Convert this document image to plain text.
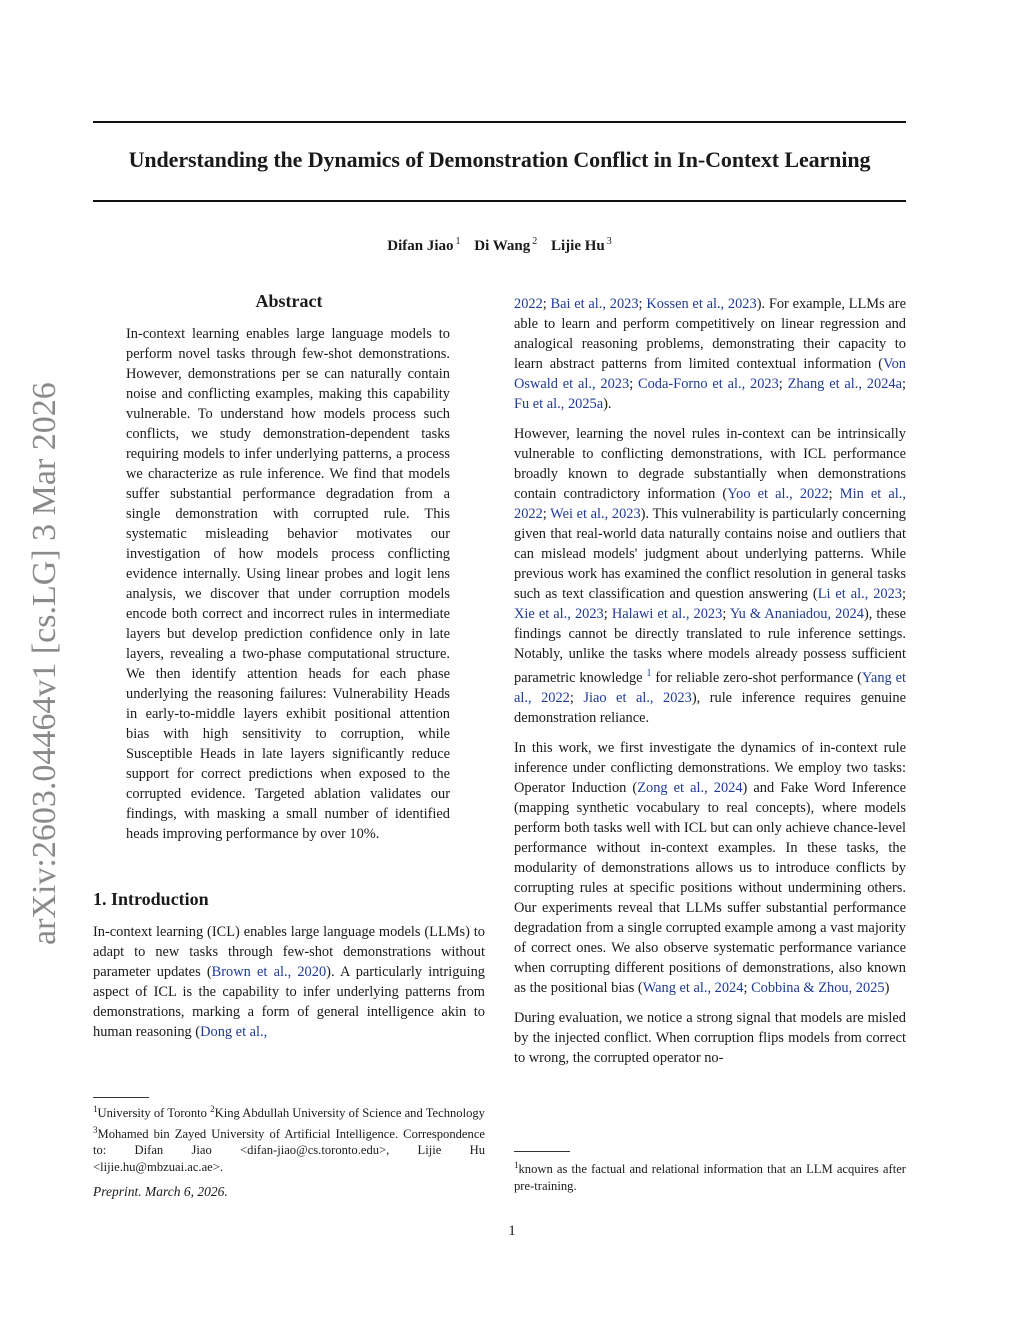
Understanding the Dynamics of Demonstration Conflict in In-Context Learning
Difan Jiao $^1$ Di Wang $^2$ Lijie Hu $^3$
arXiv:2603.04464v1 [cs.LG] 3 Mar 2026
Abstract
In-context learning enables large language models to perform novel tasks through few-shot demonstrations. However, demonstrations per se can naturally contain noise and conflicting examples, making this capability vulnerable. To understand how models process such conflicts, we study demonstration-dependent tasks requiring models to infer underlying patterns, a process we characterize as rule inference. We find that models suffer substantial performance degradation from a single demonstration with corrupted rule. This systematic misleading behavior motivates our investigation of how models process conflicting evidence internally. Using linear probes and logit lens analysis, we discover that under corruption models encode both correct and incorrect rules in intermediate layers but develop prediction confidence only in late layers, revealing a two-phase computational structure. We then identify attention heads for each phase underlying the reasoning failures: Vulnerability Heads in early-to-middle layers exhibit positional attention bias with high sensitivity to corruption, while Susceptible Heads in late layers significantly reduce support for correct predictions when exposed to the corrupted evidence. Targeted ablation validates our findings, with masking a small number of identified heads improving performance by over 10%.
1. Introduction

In-context learning (ICL) enables large language models (LLMs) to adapt to new tasks through few-shot demonstrations without parameter updates (Brown et al., 2020). A particularly intriguing aspect of ICL is the capability to infer underlying patterns from demonstrations, marking a form of general intelligence akin to human reasoning (Dong et al.,

$^1$University of Toronto $^2$King Abdullah University of Science and Technology $^3$Mohamed bin Zayed University of Artificial Intelligence. Correspondence to: Difan Jiao <difan-jiao@cs.toronto.edu>, Lijie Hu <lijie.hu@mbzuai.ac.ae>.
Preprint. March 6, 2026.

2022; Bai et al., 2023; Kossen et al., 2023). For example, LLMs are able to learn and perform competitively on linear regression and analogical reasoning problems, demonstrating their capacity to learn abstract patterns from limited contextual information (Von Oswald et al., 2023; Coda-Forno et al., 2023; Zhang et al., 2024a; Fu et al., 2025a).

However, learning the novel rules in-context can be intrinsically vulnerable to conflicting demonstrations, with ICL performance broadly known to degrade substantially when demonstrations contain contradictory information (Yoo et al., 2022; Min et al., 2022; Wei et al., 2023). This vulnerability is particularly concerning given that real-world data naturally contains noise and outliers that can mislead models' judgment about underlying patterns. While previous work has examined the conflict resolution in general tasks such as text classification and question answering (Li et al., 2023; Xie et al., 2023; Halawi et al., 2023; Yu & Ananiadou, 2024), these findings cannot be directly translated to rule inference settings. Notably, unlike the tasks where models already possess sufficient parametric knowledge $^1$ for reliable zero-shot performance (Yang et al., 2022; Jiao et al., 2023), rule inference requires genuine demonstration reliance.

In this work, we first investigate the dynamics of in-context rule inference under conflicting demonstrations. We employ two tasks: Operator Induction (Zong et al., 2024) and Fake Word Inference (mapping synthetic vocabulary to real concepts), where models perform both tasks well with ICL but can only achieve chance-level performance without in-context examples. In these tasks, the modularity of demonstrations allows us to introduce conflicts by corrupting rules at specific positions without undermining others. Our experiments reveal that LLMs suffer substantial performance degradation from a single corrupted example among a vast majority of correct ones. We also observe systematic performance variance when corrupting different positions of demonstrations, also known as the positional bias (Wang et al., 2024; Cobbina & Zhou, 2025)

During evaluation, we notice a strong signal that models are misled by the injected conflict. When corruption flips models from correct to wrong, the corrupted operator no-

$^1$known as the factual and relational information that an LLM acquires after pre-training.
1
